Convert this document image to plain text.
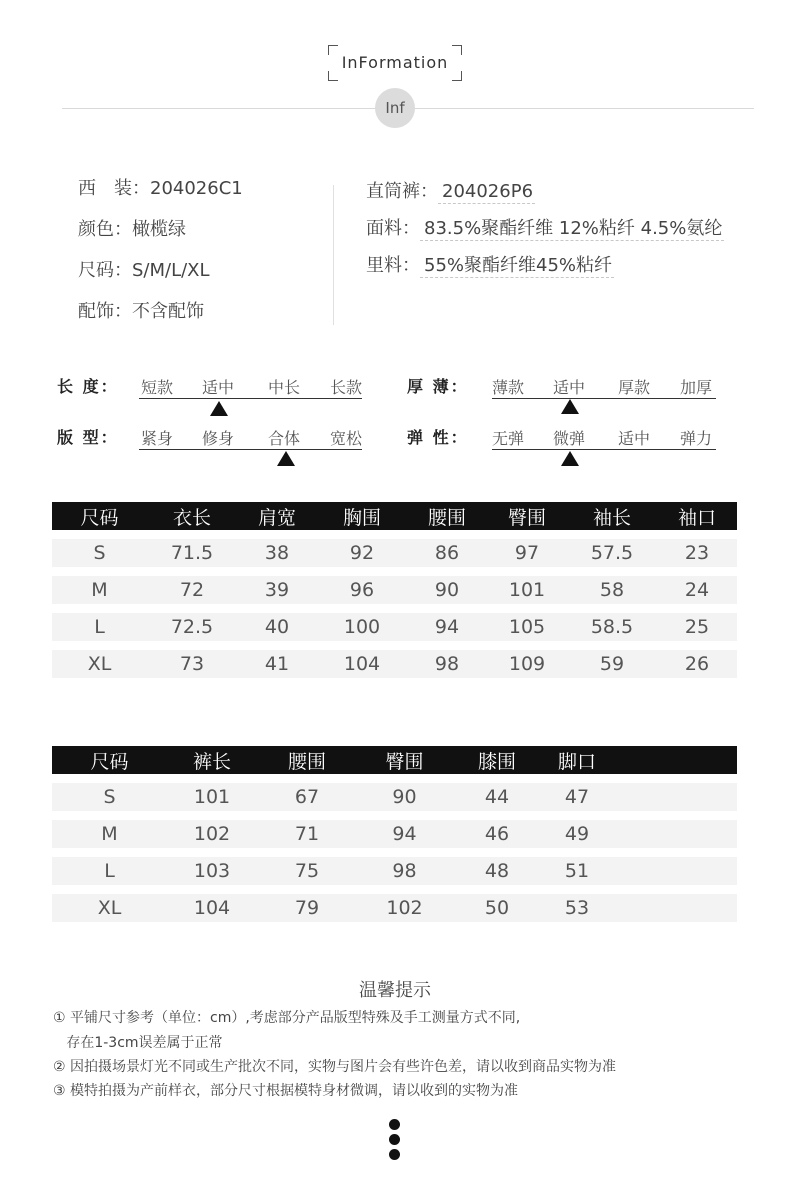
InFormation
Inf
西　装：204026C1
颜色：橄榄绿
尺码：S/M/L/XL
配饰：不含配饰
直筒裤： 204026P6
面料： 83.5%聚酯纤维 12%粘纤 4.5%氨纶
里料： 55%聚酯纤维45%粘纤
长 度： 短款 适中 中长 长款
版 型： 紧身 修身 合体 宽松
厚 薄： 薄款 适中 厚款 加厚
弹 性： 无弹 微弹 适中 弹力
尺码	衣长	肩宽	胸围	腰围	臀围	袖长	袖口

S	71.5	38	92	86	97	57.5	23

M	72	39	96	90	101	58	24

L	72.5	40	100	94	105	58.5	25

XL	73	41	104	98	109	59	26
尺码	裤长	腰围	臀围	膝围	脚口	

S	101	67	90	44	47	

M	102	71	94	46	49	

L	103	75	98	48	51	

XL	104	79	102	50	53	
温馨提示
① 平铺尺寸参考（单位：cm）,考虑部分产品版型特殊及手工测量方式不同,
存在1-3cm误差属于正常
② 因拍摄场景灯光不同或生产批次不同，实物与图片会有些许色差，请以收到商品实物为准
③ 模特拍摄为产前样衣，部分尺寸根据模特身材微调，请以收到的实物为准
